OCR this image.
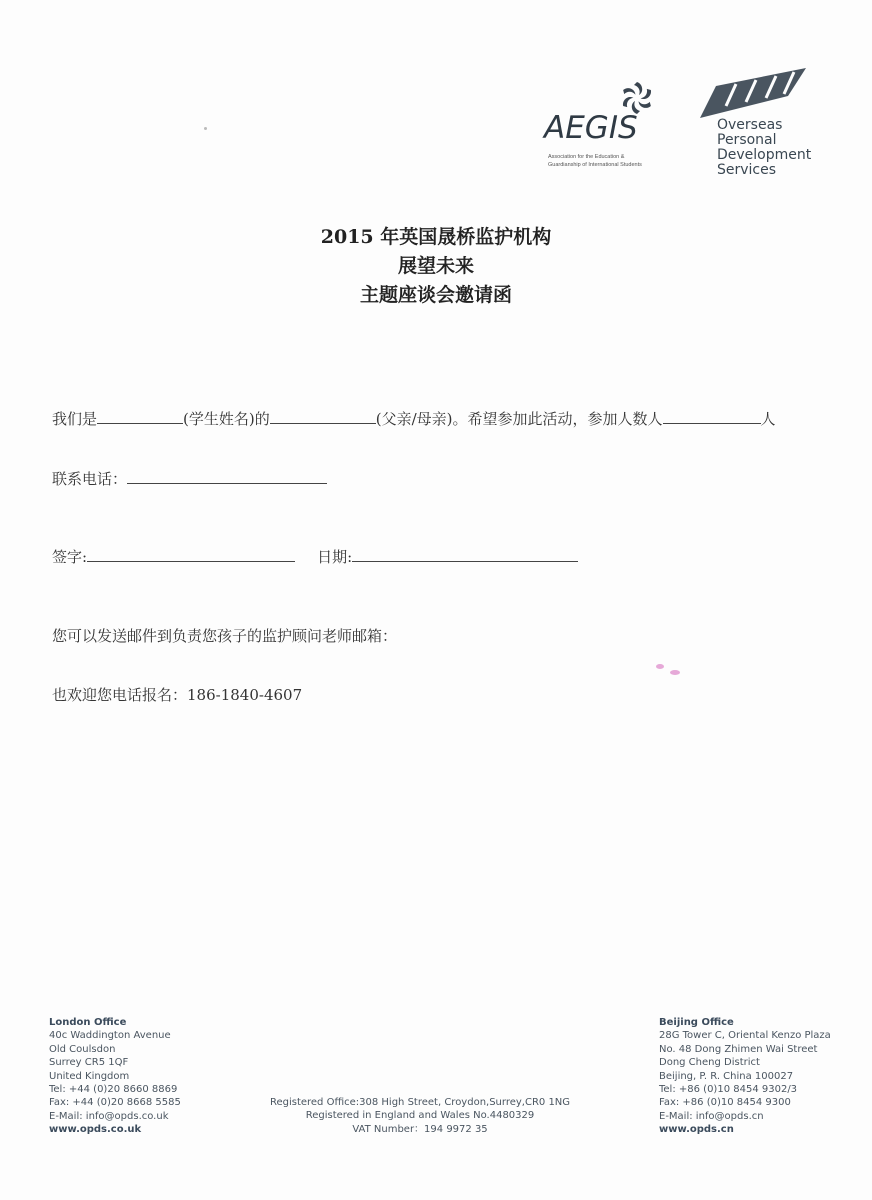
AEGIS
Association for the Education &
Guardianship of International Students
Overseas
Personal
Development
Services
2015 年英国晟桥监护机构
展望未来
主题座谈会邀请函
我们是	(学生姓名)的	(父亲/母亲)。希望参加此活动，参加人数人	人
联系电话：
签字:	日期:
您可以发送邮件到负责您孩子的监护顾问老师邮箱：
也欢迎您电话报名：186-1840-4607
London Office
40c Waddington Avenue
Old Coulsdon
Surrey CR5 1QF
United Kingdom
Tel: +44 (0)20 8660 8869
Fax: +44 (0)20 8668 5585
E-Mail: info@opds.co.uk
www.opds.co.uk
Registered Office:308 High Street, Croydon,Surrey,CR0 1NG
Registered in England and Wales No.4480329
VAT Number：194 9972 35
Beijing Office
28G Tower C, Oriental Kenzo Plaza
No. 48 Dong Zhimen Wai Street
Dong Cheng District
Beijing, P. R. China 100027
Tel: +86 (0)10 8454 9302/3
Fax: +86 (0)10 8454 9300
E-Mail: info@opds.cn
www.opds.cn
